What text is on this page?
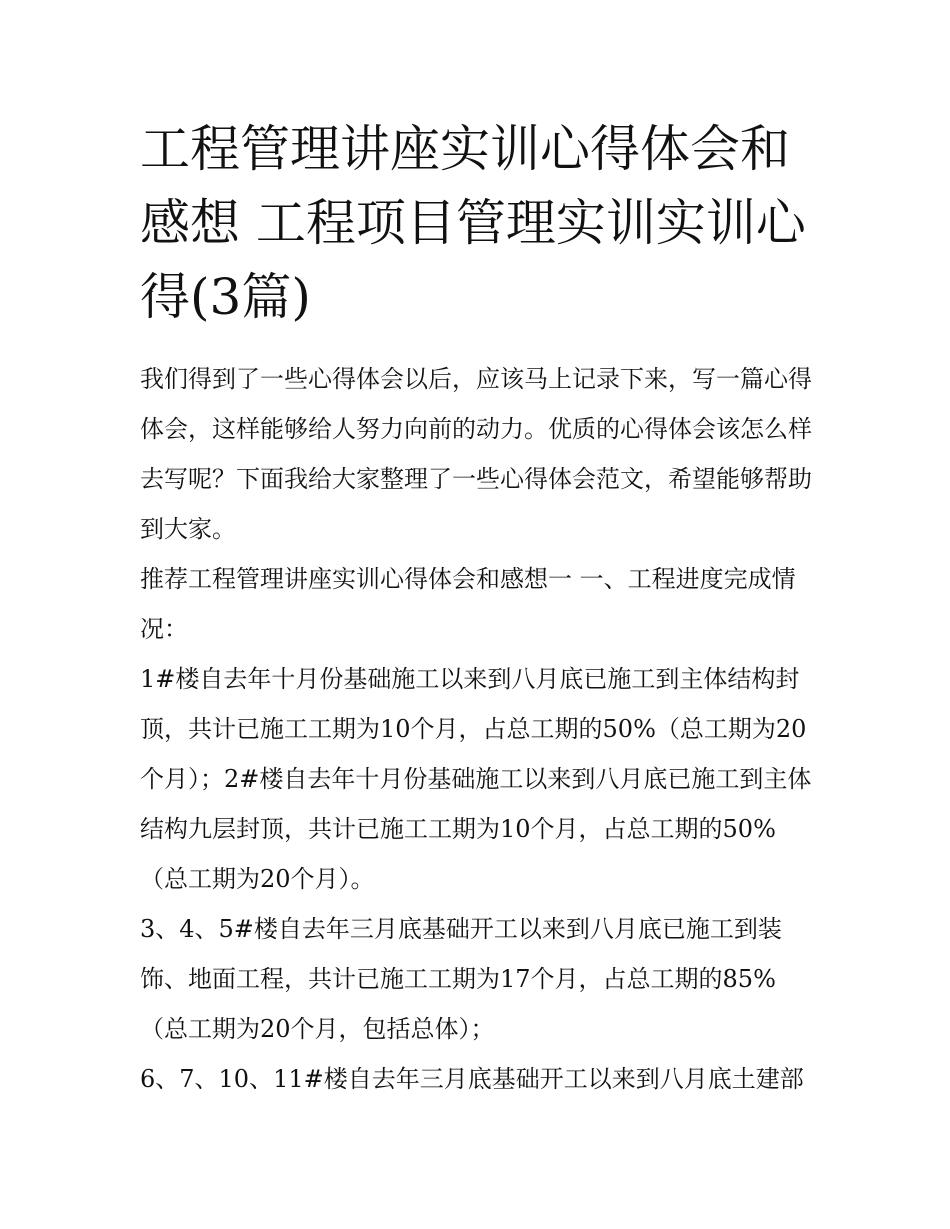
工程管理讲座实训心得体会和感想 工程项目管理实训实训心得(3篇)

我们得到了一些心得体会以后，应该马上记录下来，写一篇心得体会，这样能够给人努力向前的动力。优质的心得体会该怎么样去写呢？下面我给大家整理了一些心得体会范文，希望能够帮助到大家。

推荐工程管理讲座实训心得体会和感想一 一、工程进度完成情况：

1#楼自去年十月份基础施工以来到八月底已施工到主体结构封顶，共计已施工工期为10个月，占总工期的50%（总工期为20个月）；2#楼自去年十月份基础施工以来到八月底已施工到主体结构九层封顶，共计已施工工期为10个月，占总工期的50%（总工期为20个月）。

3、4、5#楼自去年三月底基础开工以来到八月底已施工到装饰、地面工程，共计已施工工期为17个月，占总工期的85%（总工期为20个月，包括总体）；

6、7、10、11#楼自去年三月底基础开工以来到八月底土建部
